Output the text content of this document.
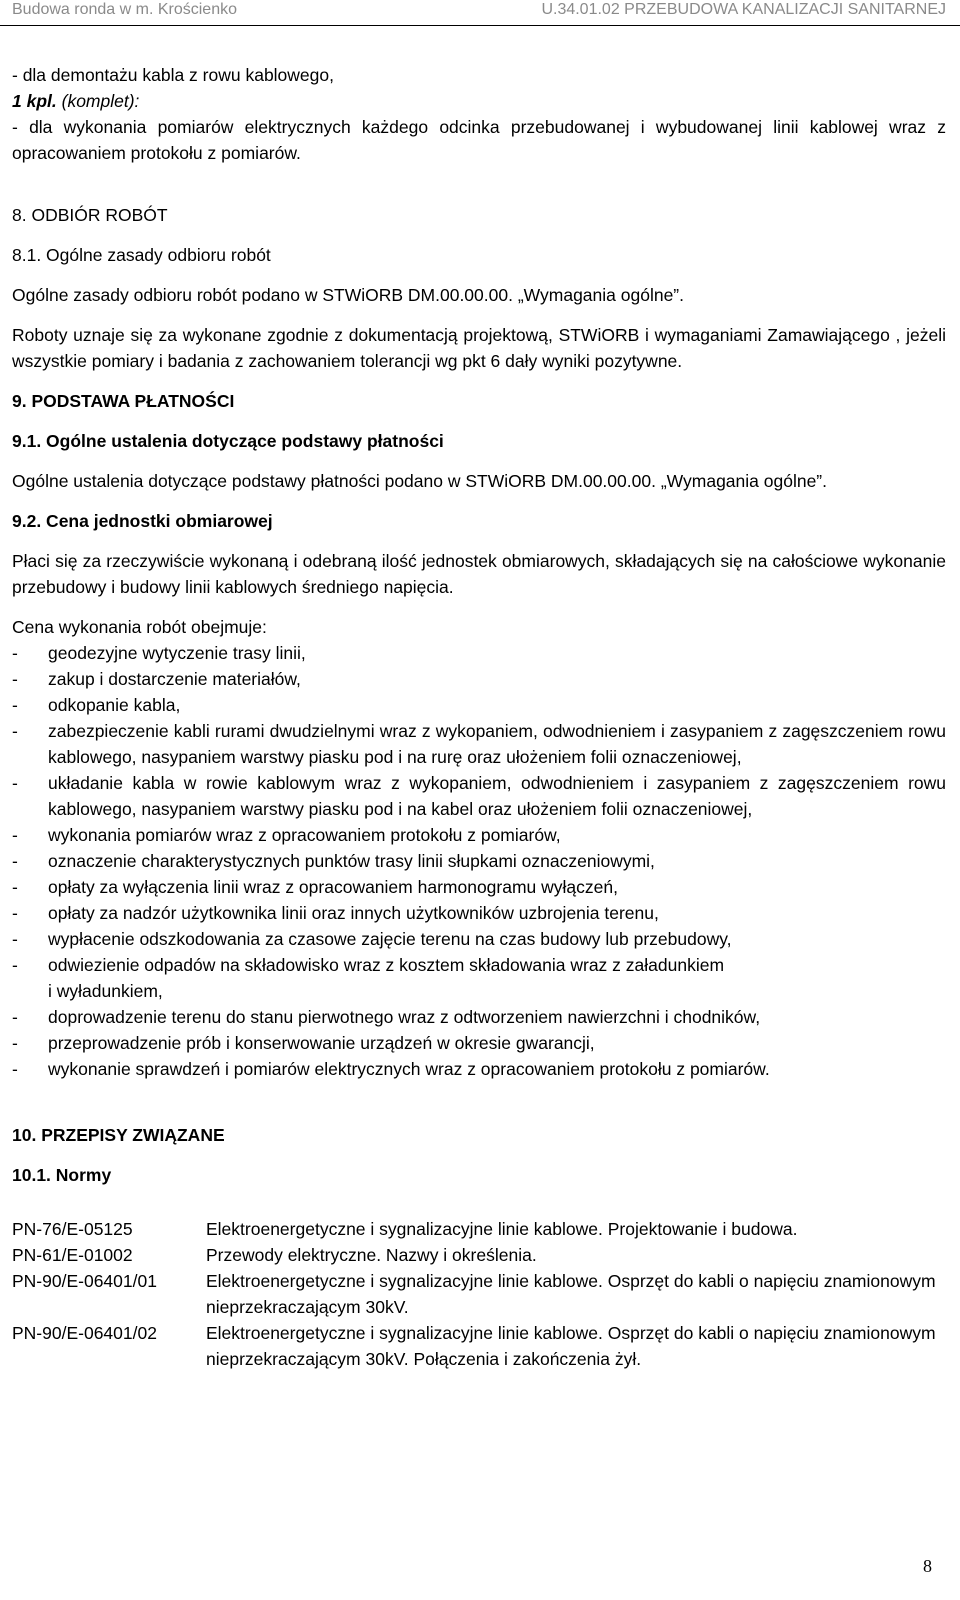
Budowa ronda w m. Krościenko	U.34.01.02 PRZEBUDOWA KANALIZACJI SANITARNEJ

- dla demontażu kabla z rowu kablowego,

1 kpl. (komplet):

- dla wykonania pomiarów elektrycznych każdego odcinka przebudowanej i wybudowanej linii kablowej wraz z opracowaniem protokołu z pomiarów.

8. ODBIÓR ROBÓT

8.1. Ogólne zasady odbioru robót

Ogólne zasady odbioru robót podano w STWiORB DM.00.00.00. „Wymagania ogólne”.

Roboty uznaje się za wykonane zgodnie z dokumentacją projektową, STWiORB i wymaganiami Zamawiającego , jeżeli wszystkie pomiary i badania z zachowaniem tolerancji wg pkt 6 dały wyniki pozytywne.

9. PODSTAWA PŁATNOŚCI

9.1. Ogólne ustalenia dotyczące podstawy płatności

Ogólne ustalenia dotyczące podstawy płatności podano w STWiORB DM.00.00.00. „Wymagania ogólne”.

9.2. Cena jednostki obmiarowej

Płaci się za rzeczywiście wykonaną i odebraną ilość jednostek obmiarowych, składających się na całościowe wykonanie przebudowy i budowy linii kablowych średniego napięcia.

Cena wykonania robót obejmuje:

- geodezyjne wytyczenie trasy linii,
- zakup i dostarczenie materiałów,
- odkopanie kabla,
- zabezpieczenie kabli rurami dwudzielnymi wraz z wykopaniem, odwodnieniem i zasypaniem z zagęszczeniem rowu kablowego, nasypaniem warstwy piasku pod i na rurę oraz ułożeniem folii oznaczeniowej,
- układanie kabla w rowie kablowym wraz z wykopaniem, odwodnieniem i zasypaniem z zagęszczeniem rowu kablowego, nasypaniem warstwy piasku pod i na kabel oraz ułożeniem folii oznaczeniowej,
- wykonania pomiarów wraz z opracowaniem protokołu z pomiarów,
- oznaczenie charakterystycznych punktów trasy linii słupkami oznaczeniowymi,
- opłaty za wyłączenia linii wraz z opracowaniem harmonogramu wyłączeń,
- opłaty za nadzór użytkownika linii oraz innych użytkowników uzbrojenia terenu,
- wypłacenie odszkodowania za czasowe zajęcie terenu na czas budowy lub przebudowy,
- odwiezienie odpadów na składowisko wraz z kosztem składowania wraz z załadunkiem
i wyładunkiem,
- doprowadzenie terenu do stanu pierwotnego wraz z odtworzeniem nawierzchni i chodników,
- przeprowadzenie prób i konserwowanie urządzeń w okresie gwarancji,
- wykonanie sprawdzeń i pomiarów elektrycznych wraz z opracowaniem protokołu z pomiarów.

10. PRZEPISY ZWIĄZANE

10.1. Normy

PN-76/E-05125	Elektroenergetyczne i sygnalizacyjne linie kablowe. Projektowanie i budowa.
PN-61/E-01002	Przewody elektryczne. Nazwy i określenia.
PN-90/E-06401/01	Elektroenergetyczne i sygnalizacyjne linie kablowe. Osprzęt do kabli o napięciu znamionowym nieprzekraczającym 30kV.
PN-90/E-06401/02	Elektroenergetyczne i sygnalizacyjne linie kablowe. Osprzęt do kabli o napięciu znamionowym nieprzekraczającym 30kV. Połączenia i zakończenia żył.
8
